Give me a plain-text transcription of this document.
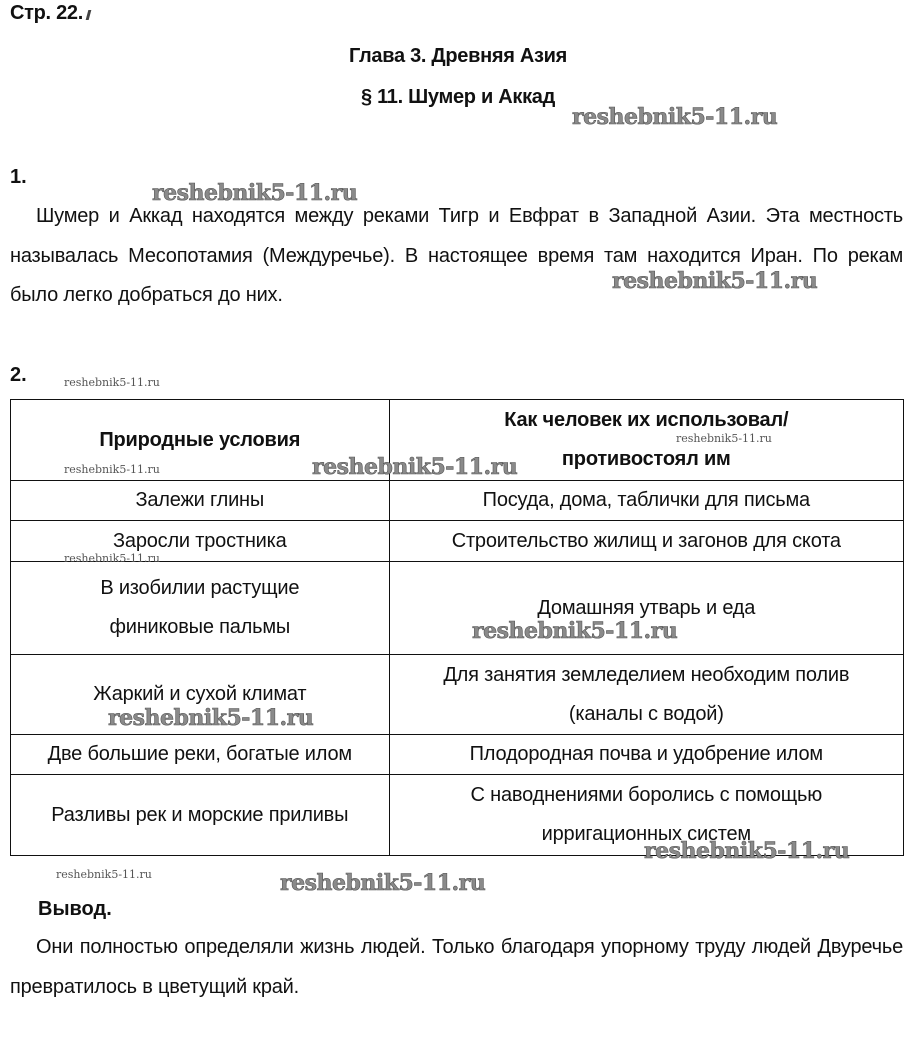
Стр. 22.
Глава 3. Древняя Азия
§ 11. Шумер и Аккад
1.
Шумер и Аккад находятся между реками Тигр и Евфрат в Западной Азии. Эта местность называлась Месопотамия (Междуречье). В настоящее время там находится Иран. По рекам было легко добраться до них.
2.
Природные условия	Как человек их использовал/
противостоял им

Залежи глины	Посуда, дома, таблички для письма
Заросли тростника	Строительство жилищ и загонов для скота

В изобилии растущие
финиковые пальмы	Домашняя утварь и еда
Жаркий и сухой климат	Для занятия земледелием необходим полив
(каналы с водой)

Две большие реки, богатые илом	Плодородная почва и удобрение илом
Разливы рек и морские приливы	С наводнениями боролись с помощью
ирригационных систем
Вывод.
Они полностью определяли жизнь людей. Только благодаря упорному труду людей Двуречье превратилось в цветущий край.
reshebnik5-11.ru
reshebnik5-11.ru
reshebnik5-11.ru
reshebnik5-11.ru
reshebnik5-11.ru
reshebnik5-11.ru	reshebnik5-11.ru
reshebnik5-11.ru
reshebnik5-11.ru
reshebnik5-11.ru
reshebnik5-11.ru
reshebnik5-11.ru	reshebnik5-11.ru
